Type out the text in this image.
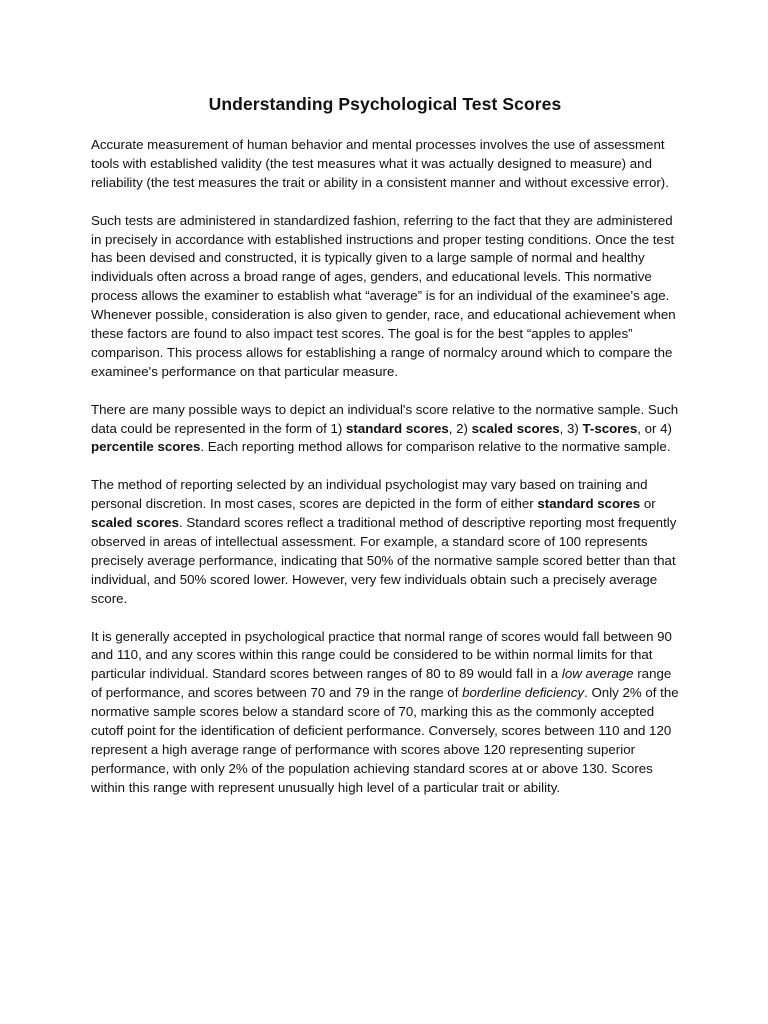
Understanding Psychological Test Scores

Accurate measurement of human behavior and mental processes involves the use of assessment tools with established validity (the test measures what it was actually designed to measure) and reliability (the test measures the trait or ability in a consistent manner and without excessive error).

Such tests are administered in standardized fashion, referring to the fact that they are administered in precisely in accordance with established instructions and proper testing conditions. Once the test has been devised and constructed, it is typically given to a large sample of normal and healthy individuals often across a broad range of ages, genders, and educational levels. This normative process allows the examiner to establish what “average” is for an individual of the examinee's age. Whenever possible, consideration is also given to gender, race, and educational achievement when these factors are found to also impact test scores. The goal is for the best “apples to apples” comparison. This process allows for establishing a range of normalcy around which to compare the examinee's performance on that particular measure.

There are many possible ways to depict an individual's score relative to the normative sample. Such data could be represented in the form of 1) standard scores, 2) scaled scores, 3) T-scores, or 4) percentile scores. Each reporting method allows for comparison relative to the normative sample.

The method of reporting selected by an individual psychologist may vary based on training and personal discretion. In most cases, scores are depicted in the form of either standard scores or scaled scores. Standard scores reflect a traditional method of descriptive reporting most frequently observed in areas of intellectual assessment. For example, a standard score of 100 represents precisely average performance, indicating that 50% of the normative sample scored better than that individual, and 50% scored lower. However, very few individuals obtain such a precisely average score.

It is generally accepted in psychological practice that normal range of scores would fall between 90 and 110, and any scores within this range could be considered to be within normal limits for that particular individual. Standard scores between ranges of 80 to 89 would fall in a low average range of performance, and scores between 70 and 79 in the range of borderline deficiency. Only 2% of the normative sample scores below a standard score of 70, marking this as the commonly accepted cutoff point for the identification of deficient performance. Conversely, scores between 110 and 120 represent a high average range of performance with scores above 120 representing superior performance, with only 2% of the population achieving standard scores at or above 130. Scores within this range with represent unusually high level of a particular trait or ability.
